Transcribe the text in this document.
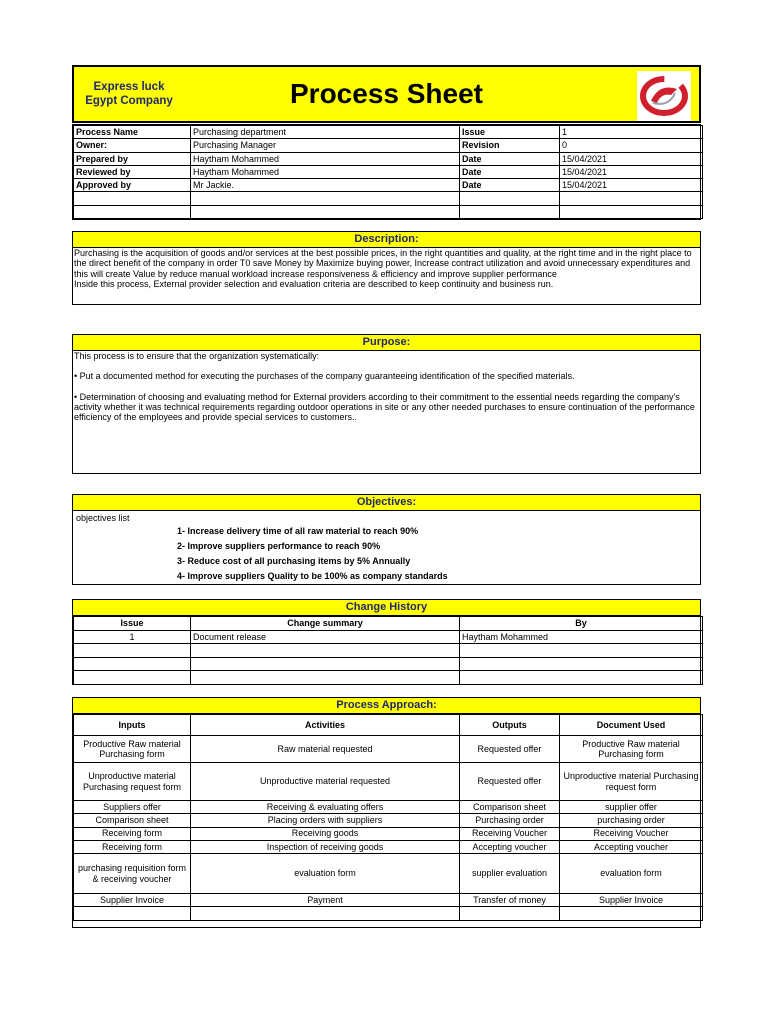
Express luck
Egypt Company	Process Sheet
Process Name	Purchasing department	Issue	1
Owner:	Purchasing Manager	Revision	0
Prepared by	Haytham Mohammed	Date	15/04/2021
Reviewed by	Haytham Mohammed	Date	15/04/2021
Approved by	Mr Jackie.	Date	15/04/2021

Description:
Purchasing is the acquisition of goods and/or services at the best possible prices, in the right quantities and quality, at the right time and in the right place to the direct benefit of the company in order T0 save Money by Maximize buying power, Increase contract utilization and avoid unnecessary expenditures and this will create Value by reduce manual workload increase responsiveness & efficiency and improve supplier performance
Inside this process, External provider selection and evaluation criteria are described to keep continuity and business run.
Purpose:
This process is to ensure that the organization systematically:
• Put a documented method for executing the purchases of the company guaranteeing identification of the specified materials.
• Determination of choosing and evaluating method for External providers according to their commitment to the essential needs regarding the company's activity whether it was technical requirements regarding outdoor operations in site or any other needed purchases to ensure continuation of the performance efficiency of the employees and provide special services to customers..
Objectives:
objectives list
1- Increase delivery time of all raw material to reach 90%
2- Improve suppliers performance to reach 90%
3- Reduce cost of all purchasing items by 5% Annually
4- Improve suppliers Quality to be 100% as company standards
Change History
Issue	Change summary	By
1	Document release	Haytham Mohammed

Process Approach:
Inputs	Activities	Outputs	Document Used
Productive Raw material Purchasing form	Raw material requested	Requested offer	Productive Raw material Purchasing form
Unproductive material Purchasing request form	Unproductive material requested	Requested offer	Unproductive material Purchasing request form
Suppliers offer	Receiving & evaluating offers	Comparison sheet	supplier offer
Comparison sheet	Placing orders with suppliers	Purchasing order	purchasing order
Receiving form	Receiving goods	Receiving Voucher	Receiving Voucher
Receiving form	Inspection of receiving goods	Accepting voucher	Accepting voucher
purchasing requisition form & receiving voucher	evaluation form	supplier evaluation	evaluation form
Supplier Invoice	Payment	Transfer of money	Supplier Invoice
